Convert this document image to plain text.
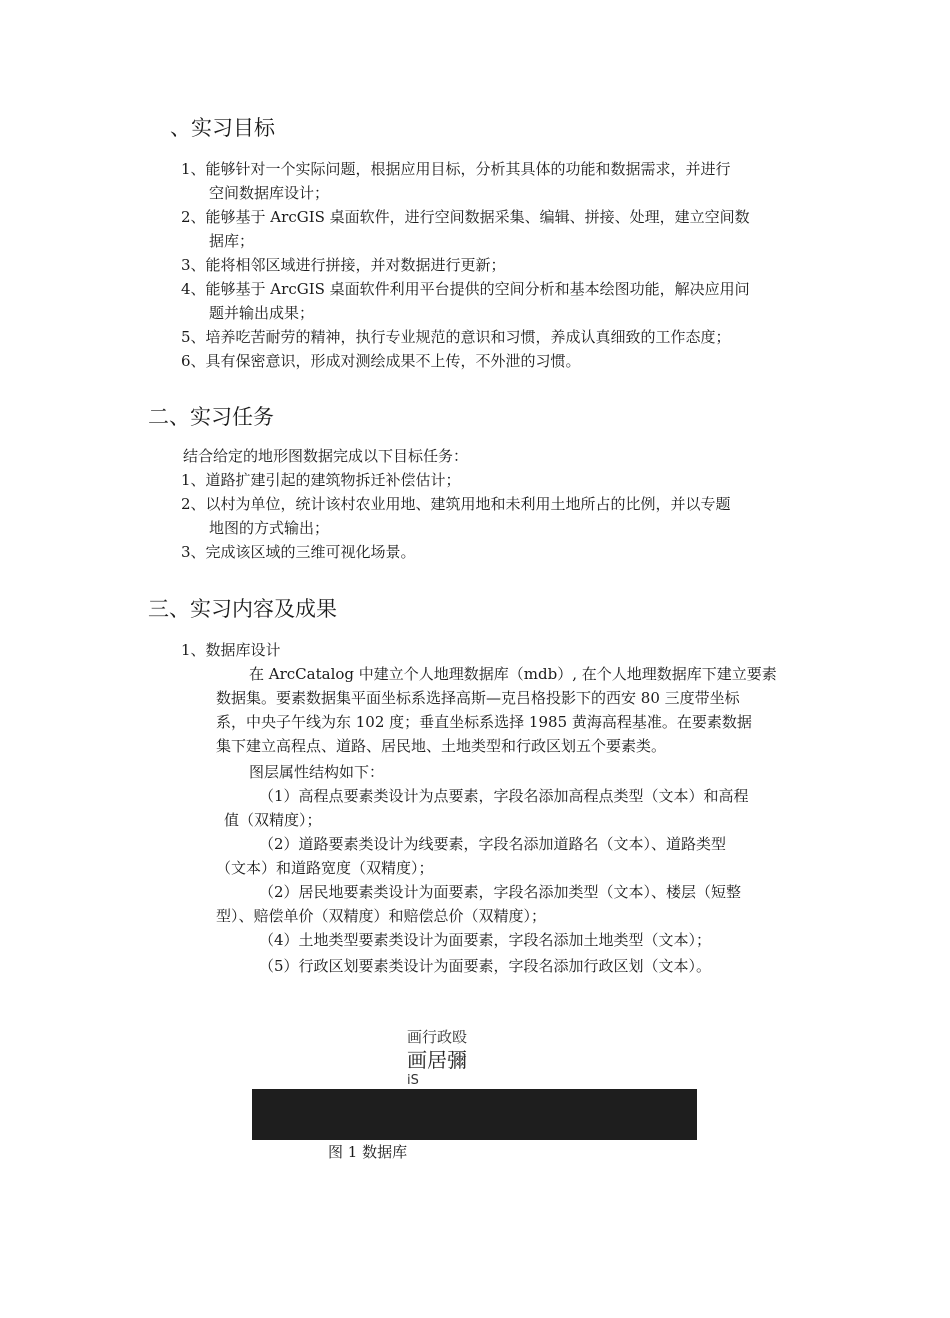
、实习目标
1、能够针对一个实际问题，根据应用目标，分析其具体的功能和数据需求，并进行
空间数据库设计；
2、能够基于 ArcGIS 桌面软件，进行空间数据采集、编辑、拼接、处理，建立空间数
据库；
3、能将相邻区域进行拼接，并对数据进行更新；
4、能够基于 ArcGIS 桌面软件利用平台提供的空间分析和基本绘图功能，解决应用问
题并输出成果；
5、培养吃苦耐劳的精神，执行专业规范的意识和习惯，养成认真细致的工作态度；
6、具有保密意识，形成对测绘成果不上传，不外泄的习惯。
二、实习任务
结合给定的地形图数据完成以下目标任务：
1、道路扩建引起的建筑物拆迁补偿估计；
2、以村为单位，统计该村农业用地、建筑用地和未利用土地所占的比例，并以专题
地图的方式输出；
3、完成该区域的三维可视化场景。
三、实习内容及成果
1、数据库设计
在 ArcCatalog 中建立个人地理数据库（mdb）, 在个人地理数据库下建立要素
数据集。要素数据集平面坐标系选择高斯—克吕格投影下的西安 80 三度带坐标
系，中央子午线为东 102 度；垂直坐标系选择 1985 黄海高程基准。在要素数据
集下建立高程点、道路、居民地、土地类型和行政区划五个要素类。
图层属性结构如下：
（1）高程点要素类设计为点要素，字段名添加高程点类型（文本）和高程
值（双精度）；
（2）道路要素类设计为线要素，字段名添加道路名（文本）、道路类型
（文本）和道路宽度（双精度）；
（2）居民地要素类设计为面要素，字段名添加类型（文本）、楼层（短整
型）、赔偿单价（双精度）和赔偿总价（双精度）；
（4）土地类型要素类设计为面要素，字段名添加土地类型（文本）；
（5）行政区划要素类设计为面要素，字段名添加行政区划（文本）。
画行政殴
画居彌
iS
图 1 数据库
